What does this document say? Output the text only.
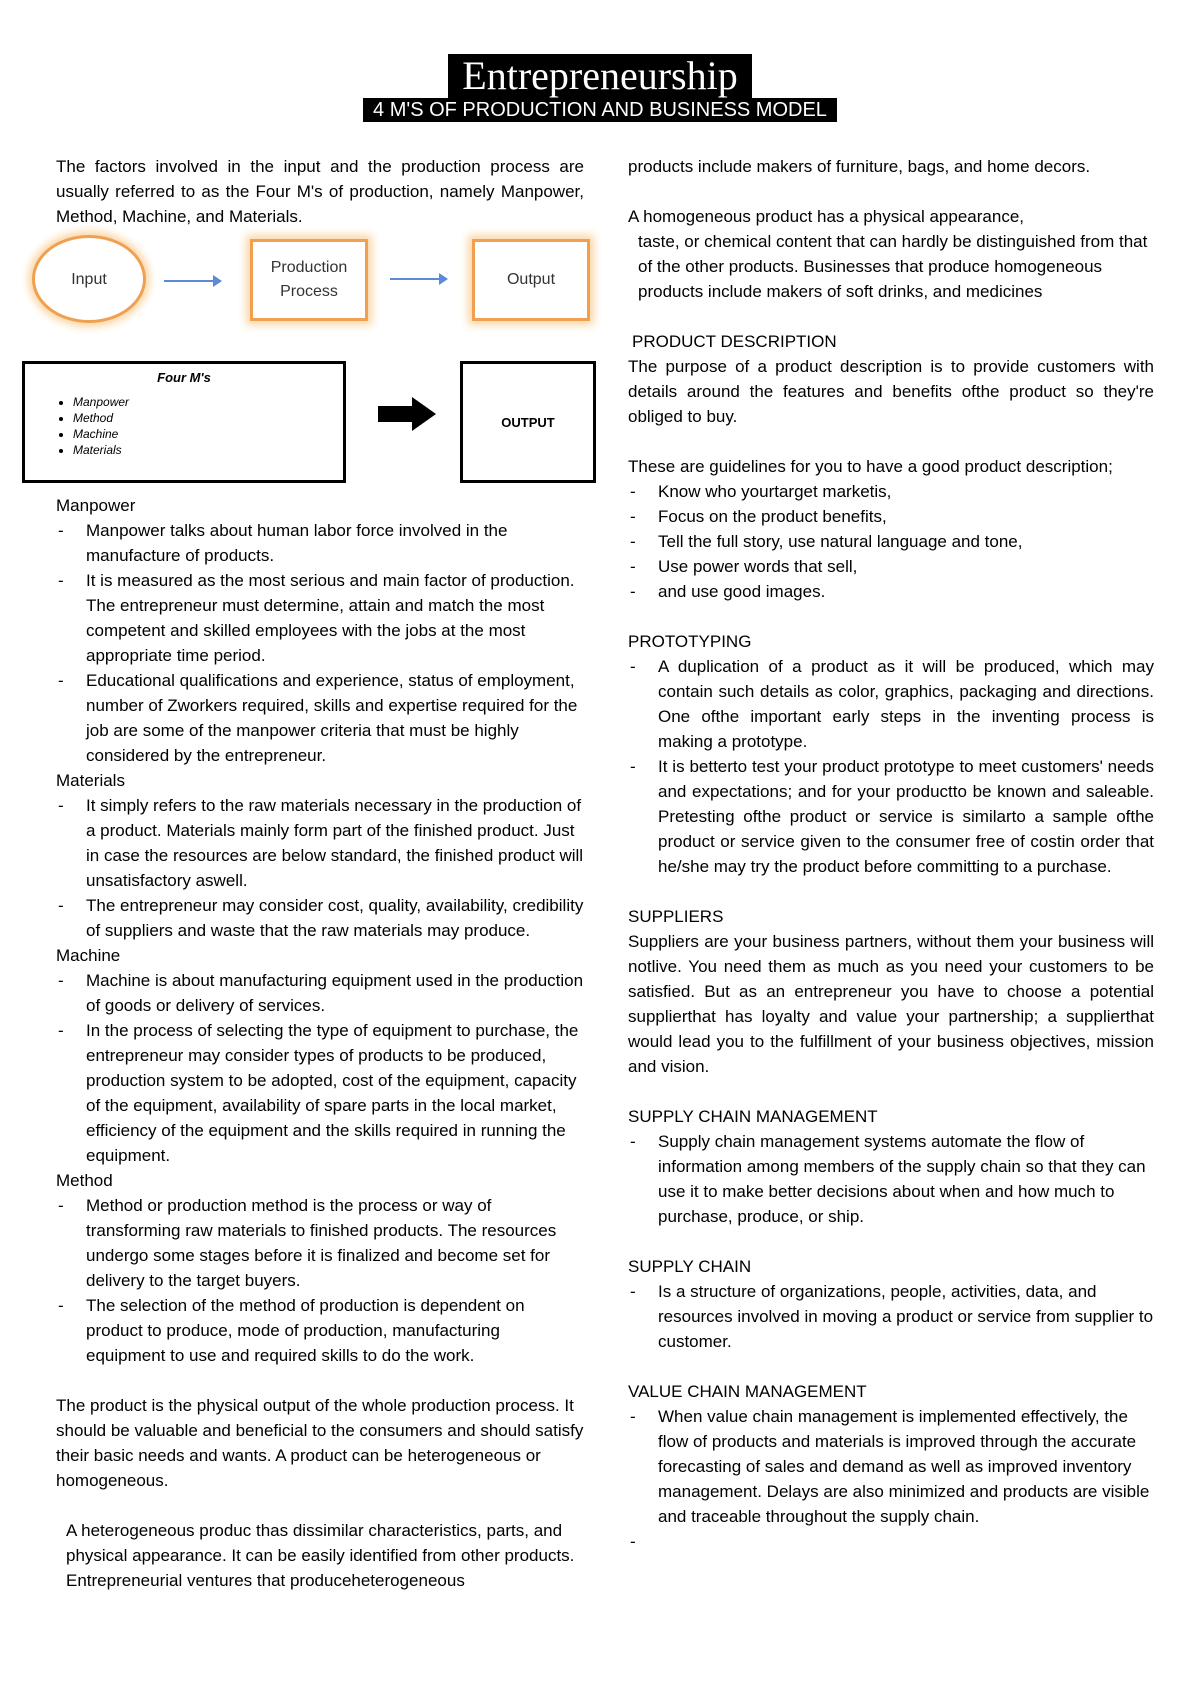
Entrepreneurship
4 M'S OF PRODUCTION AND BUSINESS MODEL

The factors involved in the input and the production process are usually referred to as the Four M's of production, namely Manpower, Method, Machine, and Materials.

Input
Production
Process
Output
Four M's
• Manpower
• Method
• Machine
• Materials
OUTPUT

Manpower

- Manpower talks about human labor force involved in the manufacture of products.
- It is measured as the most serious and main factor of production. The entrepreneur must determine, attain and match the most competent and skilled employees with the jobs at the most appropriate time period.
- Educational qualifications and experience, status of employment, number of Zworkers required, skills and expertise required for the job are some of the manpower criteria that must be highly considered by the entrepreneur.

Materials

- It simply refers to the raw materials necessary in the production of a product. Materials mainly form part of the finished product. Just in case the resources are below standard, the finished product will unsatisfactory aswell.
- The entrepreneur may consider cost, quality, availability, credibility of suppliers and waste that the raw materials may produce.

Machine

- Machine is about manufacturing equipment used in the production of goods or delivery of services.
- In the process of selecting the type of equipment to purchase, the entrepreneur may consider types of products to be produced, production system to be adopted, cost of the equipment, capacity of the equipment, availability of spare parts in the local market, efficiency of the equipment and the skills required in running the equipment.

Method

- Method or production method is the process or way of transforming raw materials to finished products. The resources undergo some stages before it is finalized and become set for delivery to the target buyers.
- The selection of the method of production is dependent on product to produce, mode of production, manufacturing equipment to use and required skills to do the work.

The product is the physical output of the whole production process. It should be valuable and beneficial to the consumers and should satisfy their basic needs and wants. A product can be heterogeneous or homogeneous.

A heterogeneous produc thas dissimilar characteristics, parts, and physical appearance. It can be easily identified from other products. Entrepreneurial ventures that produceheterogeneous

products include makers of furniture, bags, and home decors.

A homogeneous product has a physical appearance,

taste, or chemical content that can hardly be distinguished from that of the other products. Businesses that produce homogeneous products include makers of soft drinks, and medicines

PRODUCT DESCRIPTION

The purpose of a product description is to provide customers with details around the features and benefits ofthe product so they're obliged to buy.

These are guidelines for you to have a good product description;

- Know who yourtarget marketis,
- Focus on the product benefits,
- Tell the full story, use natural language and tone,
- Use power words that sell,
- and use good images.

PROTOTYPING

- A duplication of a product as it will be produced, which may contain such details as color, graphics, packaging and directions. One ofthe important early steps in the inventing process is making a prototype.
- It is betterto test your product prototype to meet customers' needs and expectations; and for your productto be known and saleable. Pretesting ofthe product or service is similarto a sample ofthe product or service given to the consumer free of costin order that he/she may try the product before committing to a purchase.

SUPPLIERS

Suppliers are your business partners, without them your business will notlive. You need them as much as you need your customers to be satisfied. But as an entrepreneur you have to choose a potential supplierthat has loyalty and value your partnership; a supplierthat would lead you to the fulfillment of your business objectives, mission and vision.

SUPPLY CHAIN MANAGEMENT

- Supply chain management systems automate the flow of information among members of the supply chain so that they can use it to make better decisions about when and how much to purchase, produce, or ship.

SUPPLY CHAIN

- Is a structure of organizations, people, activities, data, and resources involved in moving a product or service from supplier to customer.

VALUE CHAIN MANAGEMENT

- When value chain management is implemented effectively, the flow of products and materials is improved through the accurate forecasting of sales and demand as well as improved inventory management. Delays are also minimized and products are visible and traceable throughout the supply chain.
-
